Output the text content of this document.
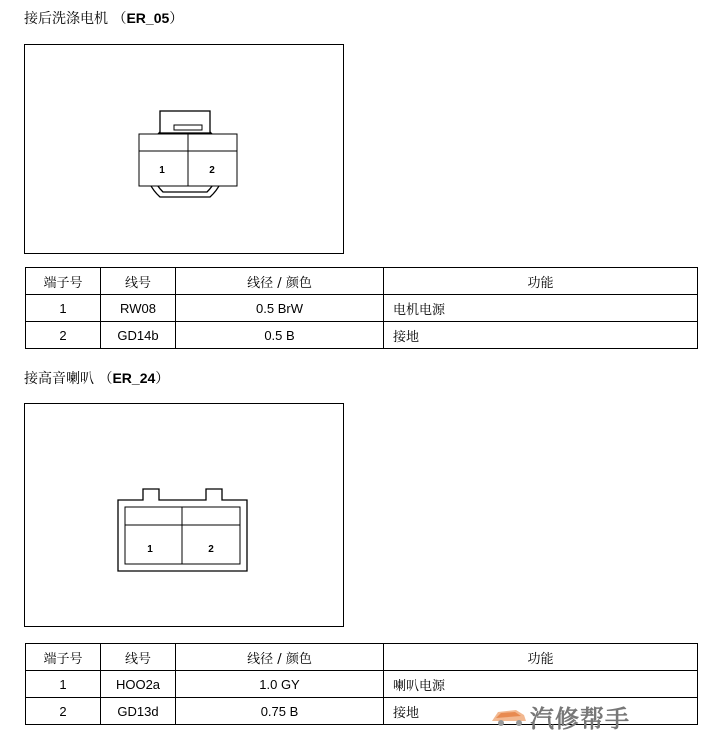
接后洗涤电机 （ER_05）
1	2
端子号	线号	线径 / 颜色	功能
1	RW08	0.5 BrW	电机电源
2	GD14b	0.5 B	接地
接高音喇叭 （ER_24）
1	2
端子号	线号	线径 / 颜色	功能
1	HOO2a	1.0 GY	喇叭电源
2	GD13d	0.75 B	接地	汽修帮手
